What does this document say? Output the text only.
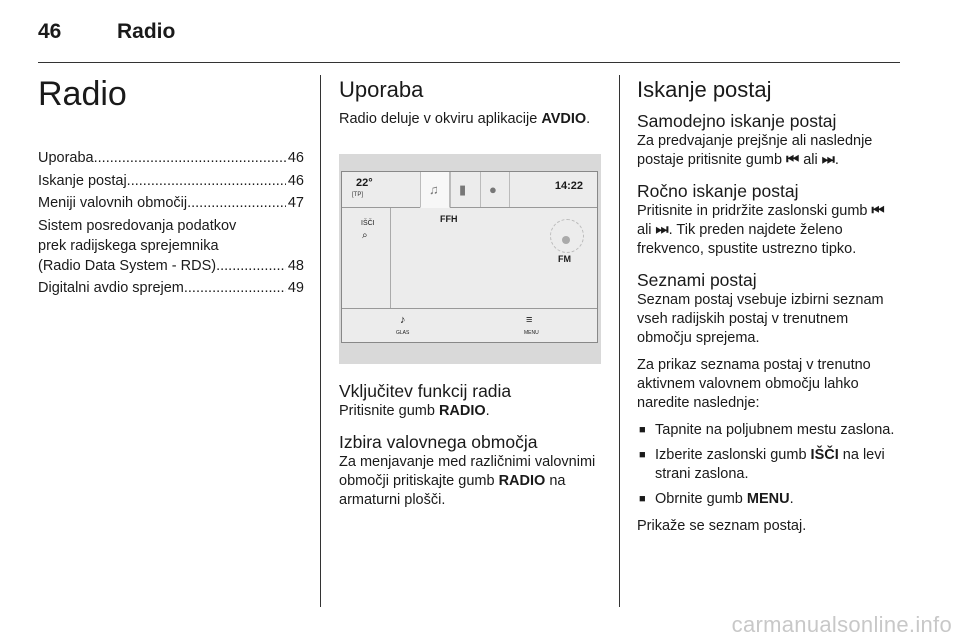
46	Radio
Radio
Uporaba .....	46
Iskanje postaj .....	46
Meniji valovnih območij .....	47
Sistem posredovanja podatkov
prek radijskega sprejemnika
(Radio Data System - RDS) .....	48
Digitalni avdio sprejem .....	49
Uporaba

Radio deluje v okviru aplikacije AVDIO.

22°
[TP]	♫ ▮ ●	14:22
IŠČI
⌕
FFH
FM
♪
GLAS
≡
MENU
Vključitev funkcij radia

Pritisnite gumb RADIO.

Izbira valovnega območja

Za menjavanje med različnimi valovnimi območji pritiskajte gumb RADIO na armaturni plošči.

Iskanje postaj
Samodejno iskanje postaj

Za predvajanje prejšnje ali naslednje postaje pritisnite gumb ⏮ ali ⏭.

Ročno iskanje postaj

Pritisnite in pridržite zaslonski gumb ⏮ ali ⏭. Tik preden najdete želeno frekvenco, spustite ustrezno tipko.

Seznami postaj

Seznam postaj vsebuje izbirni seznam vseh radijskih postaj v trenutnem območju sprejema.

Za prikaz seznama postaj v trenutno aktivnem valovnem območju lahko naredite naslednje:

■ Tapnite na poljubnem mestu zaslona.
■ Izberite zaslonski gumb IŠČI na levi strani zaslona.
■ Obrnite gumb MENU.

Prikaže se seznam postaj.

carmanualsonline.info
